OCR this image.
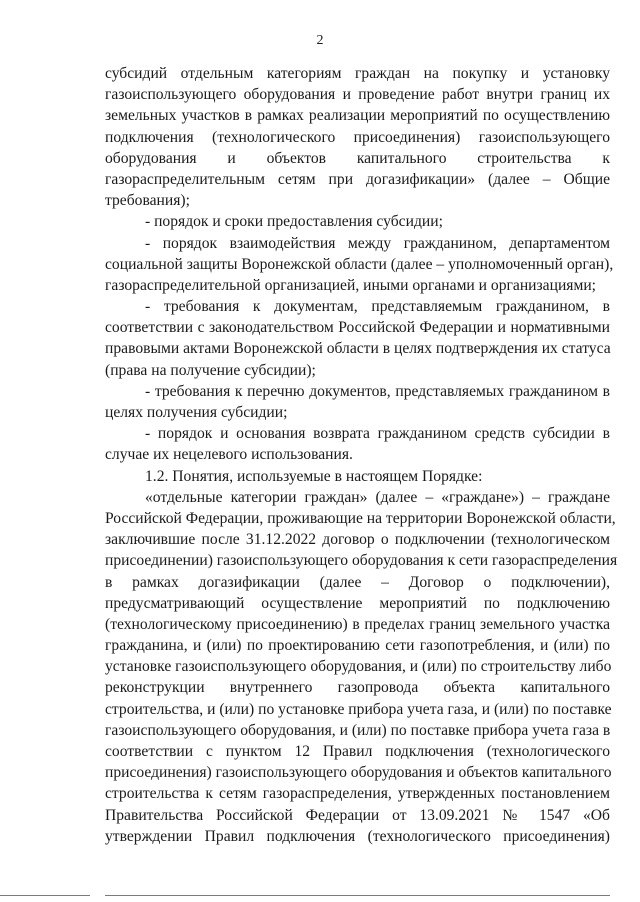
2
субсидий отдельным категориям граждан на покупку и установку
газоиспользующего оборудования и проведение работ внутри границ их
земельных участков в рамках реализации мероприятий по осуществлению
подключения (технологического присоединения) газоиспользующего
оборудования и объектов капитального строительства к
газораспределительным сетям при догазификации» (далее – Общие
требования);
- порядок и сроки предоставления субсидии;
- порядок взаимодействия между гражданином, департаментом
социальной защиты Воронежской области (далее – уполномоченный орган),
газораспределительной организацией, иными органами и организациями;
- требования к документам, представляемым гражданином, в
соответствии с законодательством Российской Федерации и нормативными
правовыми актами Воронежской области в целях подтверждения их статуса
(права на получение субсидии);
- требования к перечню документов, представляемых гражданином в
целях получения субсидии;
- порядок и основания возврата гражданином средств субсидии в
случае их нецелевого использования.
1.2. Понятия, используемые в настоящем Порядке:
«отдельные категории граждан» (далее – «граждане») – граждане
Российской Федерации, проживающие на территории Воронежской области,
заключившие после 31.12.2022 договор о подключении (технологическом
присоединении) газоиспользующего оборудования к сети газораспределения
в рамках догазификации (далее – Договор о подключении),
предусматривающий осуществление мероприятий по подключению
(технологическому присоединению) в пределах границ земельного участка
гражданина, и (или) по проектированию сети газопотребления, и (или) по
установке газоиспользующего оборудования, и (или) по строительству либо
реконструкции внутреннего газопровода объекта капитального
строительства, и (или) по установке прибора учета газа, и (или) по поставке
газоиспользующего оборудования, и (или) по поставке прибора учета газа в
соответствии с пунктом 12 Правил подключения (технологического
присоединения) газоиспользующего оборудования и объектов капитального
строительства к сетям газораспределения, утвержденных постановлением
Правительства Российской Федерации от 13.09.2021 № 1547 «Об
утверждении Правил подключения (технологического присоединения)
